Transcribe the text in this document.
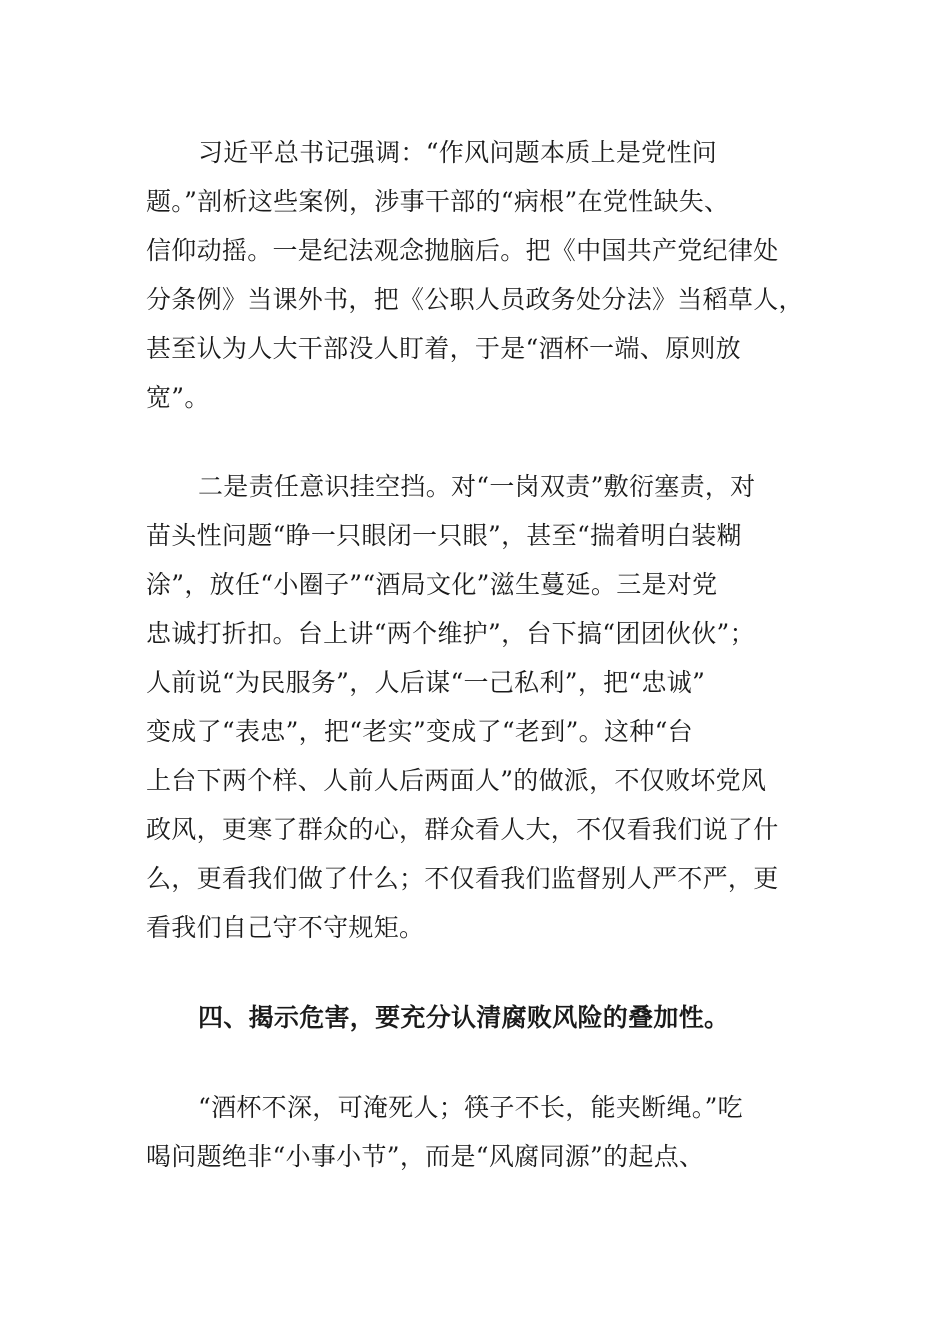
习近平总书记强调：“作风问题本质上是党性问
题。”剖析这些案例，涉事干部的“病根”在党性缺失、
信仰动摇。一是纪法观念抛脑后。把《中国共产党纪律处
分条例》当课外书，把《公职人员政务处分法》当稻草人，
甚至认为人大干部没人盯着，于是“酒杯一端、原则放
宽”。
二是责任意识挂空挡。对“一岗双责”敷衍塞责，对
苗头性问题“睁一只眼闭一只眼”，甚至“揣着明白装糊
涂”，放任“小圈子”“酒局文化”滋生蔓延。三是对党
忠诚打折扣。台上讲“两个维护”，台下搞“团团伙伙”；
人前说“为民服务”，人后谋“一己私利”，把“忠诚”
变成了“表忠”，把“老实”变成了“老到”。这种“台
上台下两个样、人前人后两面人”的做派，不仅败坏党风
政风，更寒了群众的心，群众看人大，不仅看我们说了什
么，更看我们做了什么；不仅看我们监督别人严不严，更
看我们自己守不守规矩。
四、揭示危害，要充分认清腐败风险的叠加性。
“酒杯不深，可淹死人；筷子不长，能夹断绳。”吃
喝问题绝非“小事小节”，而是“风腐同源”的起点、
